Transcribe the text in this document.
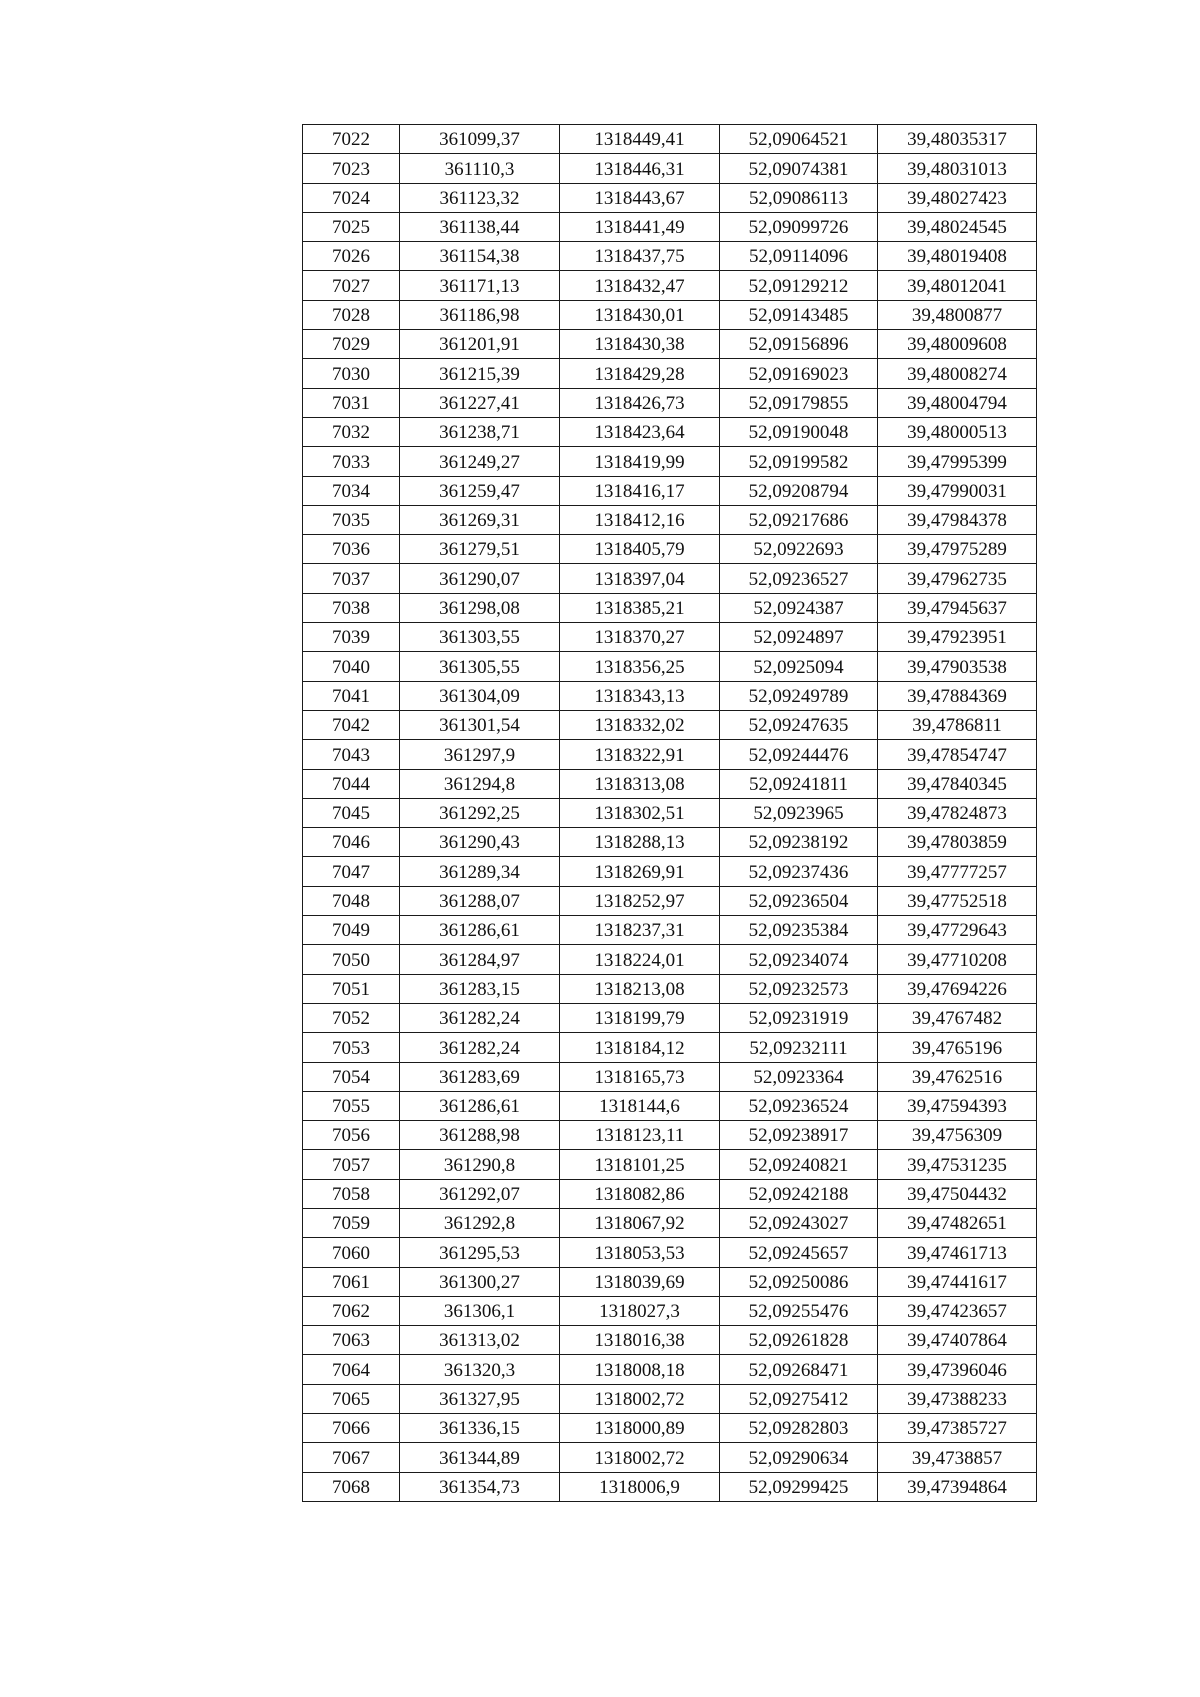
7022	361099,37	1318449,41	52,09064521	39,48035317
7023	361110,3	1318446,31	52,09074381	39,48031013
7024	361123,32	1318443,67	52,09086113	39,48027423
7025	361138,44	1318441,49	52,09099726	39,48024545
7026	361154,38	1318437,75	52,09114096	39,48019408
7027	361171,13	1318432,47	52,09129212	39,48012041
7028	361186,98	1318430,01	52,09143485	39,4800877
7029	361201,91	1318430,38	52,09156896	39,48009608
7030	361215,39	1318429,28	52,09169023	39,48008274
7031	361227,41	1318426,73	52,09179855	39,48004794
7032	361238,71	1318423,64	52,09190048	39,48000513
7033	361249,27	1318419,99	52,09199582	39,47995399
7034	361259,47	1318416,17	52,09208794	39,47990031
7035	361269,31	1318412,16	52,09217686	39,47984378
7036	361279,51	1318405,79	52,0922693	39,47975289
7037	361290,07	1318397,04	52,09236527	39,47962735
7038	361298,08	1318385,21	52,0924387	39,47945637
7039	361303,55	1318370,27	52,0924897	39,47923951
7040	361305,55	1318356,25	52,0925094	39,47903538
7041	361304,09	1318343,13	52,09249789	39,47884369
7042	361301,54	1318332,02	52,09247635	39,4786811
7043	361297,9	1318322,91	52,09244476	39,47854747
7044	361294,8	1318313,08	52,09241811	39,47840345
7045	361292,25	1318302,51	52,0923965	39,47824873
7046	361290,43	1318288,13	52,09238192	39,47803859
7047	361289,34	1318269,91	52,09237436	39,47777257
7048	361288,07	1318252,97	52,09236504	39,47752518
7049	361286,61	1318237,31	52,09235384	39,47729643
7050	361284,97	1318224,01	52,09234074	39,47710208
7051	361283,15	1318213,08	52,09232573	39,47694226
7052	361282,24	1318199,79	52,09231919	39,4767482
7053	361282,24	1318184,12	52,09232111	39,4765196
7054	361283,69	1318165,73	52,0923364	39,4762516
7055	361286,61	1318144,6	52,09236524	39,47594393
7056	361288,98	1318123,11	52,09238917	39,4756309
7057	361290,8	1318101,25	52,09240821	39,47531235
7058	361292,07	1318082,86	52,09242188	39,47504432
7059	361292,8	1318067,92	52,09243027	39,47482651
7060	361295,53	1318053,53	52,09245657	39,47461713
7061	361300,27	1318039,69	52,09250086	39,47441617
7062	361306,1	1318027,3	52,09255476	39,47423657
7063	361313,02	1318016,38	52,09261828	39,47407864
7064	361320,3	1318008,18	52,09268471	39,47396046
7065	361327,95	1318002,72	52,09275412	39,47388233
7066	361336,15	1318000,89	52,09282803	39,47385727
7067	361344,89	1318002,72	52,09290634	39,4738857
7068	361354,73	1318006,9	52,09299425	39,47394864
